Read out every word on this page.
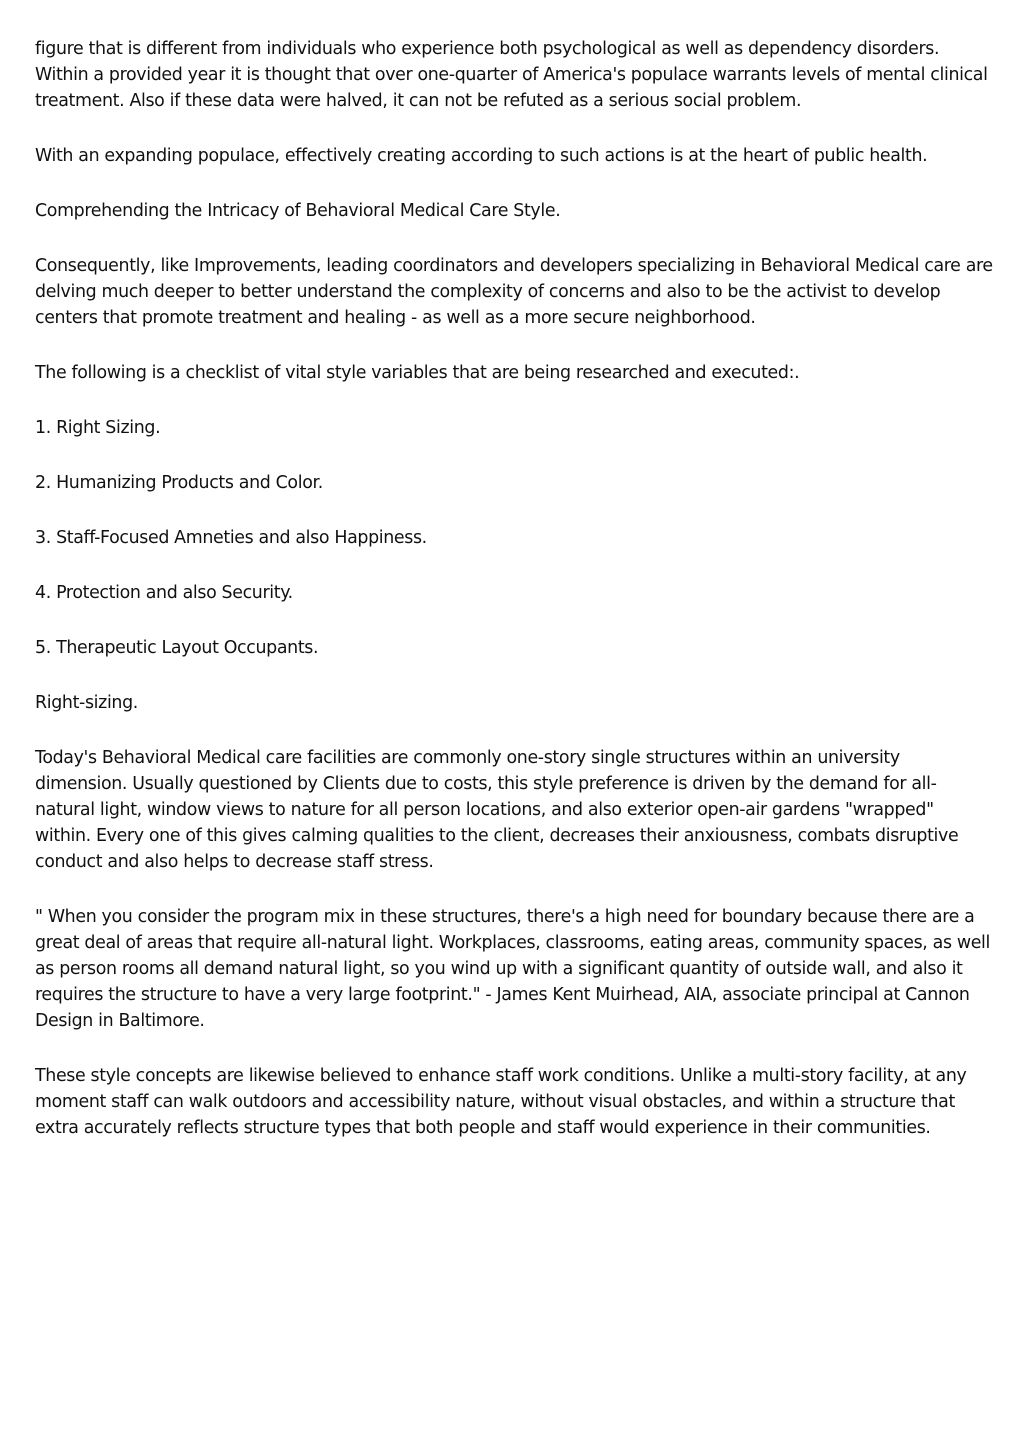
figure that is different from individuals who experience both psychological as well as dependency disorders. Within a provided year it is thought that over one-quarter of America's populace warrants levels of mental clinical treatment. Also if these data were halved, it can not be refuted as a serious social problem.

With an expanding populace, effectively creating according to such actions is at the heart of public health.

Comprehending the Intricacy of Behavioral Medical Care Style.

Consequently, like Improvements, leading coordinators and developers specializing in Behavioral Medical care are delving much deeper to better understand the complexity of concerns and also to be the activist to develop centers that promote treatment and healing - as well as a more secure neighborhood.

The following is a checklist of vital style variables that are being researched and executed:.

1. Right Sizing.

2. Humanizing Products and Color.

3. Staff-Focused Amneties and also Happiness.

4. Protection and also Security.

5. Therapeutic Layout Occupants.

Right-sizing.

Today's Behavioral Medical care facilities are commonly one-story single structures within an university dimension. Usually questioned by Clients due to costs, this style preference is driven by the demand for all-natural light, window views to nature for all person locations, and also exterior open-air gardens "wrapped" within. Every one of this gives calming qualities to the client, decreases their anxiousness, combats disruptive conduct and also helps to decrease staff stress.

" When you consider the program mix in these structures, there's a high need for boundary because there are a great deal of areas that require all-natural light. Workplaces, classrooms, eating areas, community spaces, as well as person rooms all demand natural light, so you wind up with a significant quantity of outside wall, and also it requires the structure to have a very large footprint." - James Kent Muirhead, AIA, associate principal at Cannon Design in Baltimore.

These style concepts are likewise believed to enhance staff work conditions. Unlike a multi-story facility, at any moment staff can walk outdoors and accessibility nature, without visual obstacles, and within a structure that extra accurately reflects structure types that both people and staff would experience in their communities.
